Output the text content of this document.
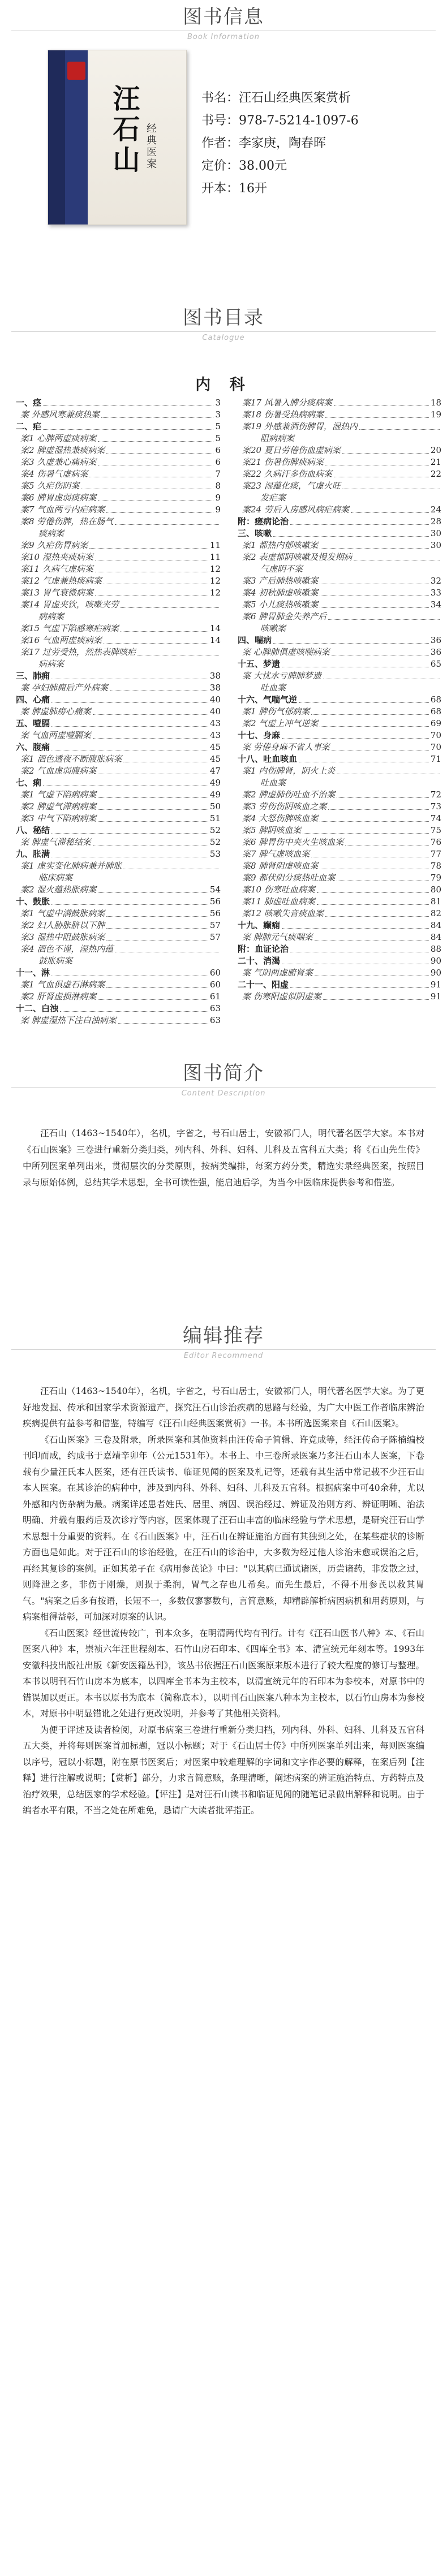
图书信息
Book Information
汪石山 经典医案
书名：汪石山经典医案赏析
书号：978-7-5214-1097-6
作者：李家庚，陶春晖
定价：38.00元
开本：16开
图书目录
Catalogue
内 科
一、痉	3
案 外感风寒兼痰热案	3
二、疟	5
案1 心脾两虚痰病案	5
案2 脾虚湿热兼痰病案	6
案3 久虚兼心痛病案	6
案4 伤暑气虚病案	7
案5 久疟伤阴案	8
案6 脾胃虚弱痰病案	9
案7 气血两亏内疟病案	9
案8 劳倦伤脾，热在肠气
痰病案
案9 久疟伤胃病案	11
案10 湿热夹痰病案	11
案11 久病气虚病案	12
案12 气虚兼热痰病案	12
案13 胃气衰微病案	12
案14 胃虚夹饮，咳嗽夹劳
病病案
案15 气虚下陷感寒疟病案	14
案16 气血两虚痰病案	14
案17 过劳受热，然热表脾咳疟
病病案
三、肺痈	38
案 孕妇肺痈后产外病案	38
四、心痛	40
案 脾虚肺痨心痛案	40
五、噎膈	43
案 气血两虚噎膈案	43
六、腹痛	45
案1 酒色透夜不断腹胀病案	45
案2 气血虚弱腹病案	47
七、痢	49
案1 气虚下陷痢病案	49
案2 脾虚气滞痢病案	50
案3 中气下陷痢病案	51
八、秘结	52
案 脾虚气滞秘结案	52
九、胀满	53
案1 虚实变化肺病兼并肺胀
临床病案
案2 湿火蕴热胀病案	54
十、鼓胀	56
案1 气虚中满鼓胀病案	56
案2 妇人胁胀脐以下肿	57
案3 湿热中阻鼓胀病案	57
案4 酒色不谨，湿热内蕴
鼓胀病案
十一、淋	60
案1 气血俱虚石淋病案	60
案2 肝肾虚损淋病案	61
十二、白浊	63
案 脾虚湿热下注白浊病案	63
案17 风暑入脾分痰病案	18
案18 伤暑受热病病案	19
案19 外感兼酒伤脾胃，湿热内
阻病病案
案20 夏日劳倦伤血虚病案	20
案21 伤暑伤脾痰病案	21
案22 久病汗多伤血病案	22
案23 湿蕴化痰，气虚火旺
发疟案
案24 劳后入房感风病疟病案	24
附：瘥病论治	28
三、咳嗽	30
案1 都热内郁咳嗽案	30
案2 表虚郁阴咳嗽及慢发期病
气虚阴不案
案3 产后肺热咳嗽案	32
案4 初秋肺虚咳嗽案	33
案5 小儿痰热咳嗽案	34
案6 脾胃肺金失养产后
咳嗽案
四、喘病	36
案 心脾肺俱虚咳喘病案	36
十五、梦遗	65
案 大忧水亏脾肺梦遗
吐血案
十六、气喘气逆	68
案1 脾伤气郁病案	68
案2 气虚上冲气逆案	69
十七、身麻	70
案 劳倦身麻不省人事案	70
十八、吐血咳血	71
案1 内伤脾肾，阴火上炎
吐血案
案2 脾虚肺伤吐血不治案	72
案3 劳伤伤阴咳血之案	73
案4 大怒伤脾咳血案	74
案5 脾阴咳血案	75
案6 脾胃伤中夹火生咳血案	76
案7 脾气虚咳血案	77
案8 肺肾阴虚咳血案	78
案9 都伏阴分痰热吐血案	79
案10 伤寒吐血病案	80
案11 肺虚吐血病案	81
案12 咳嗽失音痰血案	82
十九、癫痫	84
案 脾肺元气痰喘案	84
附：血证论治	88
二十、消渴	90
案 气阴两虚腑肾案	90
二十一、阳虚	91
案 伤寒阳虚似阴虚案	91
图书简介
Content Description
汪石山（1463~1540年），名机，字省之，号石山居士，安徽祁门人，明代著名医学大家。本书对《石山医案》三卷进行重新分类归类，列内科、外科、妇科、儿科及五官科五大类；将《石山先生传》中所列医案单列出来，贯彻层次的分类原则，按病类编排，每案方药分类，精选实录经典医案，按照目录与原始体例，总结其学术思想，全书可读性强，能启迪后学，为当今中医临床提供参考和借鉴。
编辑推荐
Editor Recommend

汪石山（1463~1540年），名机，字省之，号石山居士，安徽祁门人，明代著名医学大家。为了更好地发掘、传承和国家学术资源遗产，探究汪石山诊治疾病的思路与经验，为广大中医工作者临床辨治疾病提供有益参考和借鉴，特编写《汪石山经典医案赏析》一书。本书所选医案来自《石山医案》。

《石山医案》三卷及附录，所录医案和其他资料由汪传命子简辑、许竟成等，经汪传命子陈楠编校刊印而成，约成书于嘉靖辛卯年（公元1531年）。本书上、中三卷所录医案乃多汪石山本人医案，下卷载有少量汪氏本人医案，还有汪氏读书、临证见闻的医案及札记等，还载有其生活中常记载不少汪石山本人医案。在其诊治的病种中，涉及到内科、外科、妇科、儿科及五官科。根据病案中可40余种，尤以外感和内伤杂病为最。病案详述患者姓氏、居里、病因、误治经过、辨证及治则方药、辨证明晰、治法明确、并载有服药后及次诊疗等内容，医案体现了汪石山丰富的临床经验与学术思想，是研究汪石山学术思想十分重要的资料。在《石山医案》中，汪石山在辨证施治方面有其独到之处，在某些症状的诊断方面也是如此。对于汪石山的诊治经验，在汪石山的诊治中，大多数为经过他人诊治未愈或误治之后，再经其复诊的案例。正如其弟子在《病用参芪论》中曰："以其病已通试诸医，历尝诸药，非发散之过，则降泄之多，非伤于刚燥，则损于柔润，胃气之存也几希矣。而先生最后，不得不用参芪以救其胃气。"病案之后多有按语，长短不一，多数仅寥寥数句，言简意赅，却精辟解析病因病机和用药原则，与病案相得益彰，可加深对原案的认识。

《石山医案》经世流传较广，刊本众多，在明清两代均有刊行。计有《汪石山医书八种》本、《石山医案八种》本，崇祯六年汪世程刻本、石竹山房石印本、《四库全书》本、清宣统元年刻本等。1993年安徽科技出版社出版《新安医籍丛刊》，该丛书依据汪石山医案原来版本进行了较大程度的修订与整理。本书以明刊石竹山房本为底本，以四库全书本为主校本，以清宣统元年的石印本为参校本，对原书中的错误加以更正。本书以原书为底本（简称底本），以明刊石山医案八种本为主校本，以石竹山房本为参校本，对原书中明显错讹之处进行更改说明，并参考了其他相关资料。

为便于评述及读者检阅，对原书病案三卷进行重新分类归档，列内科、外科、妇科、儿科及五官科五大类，并将每则医案首加标题，冠以小标题；对于《石山居士传》中所列医案单列出来，每则医案编以序号，冠以小标题，附在原书医案后；对医案中较难理解的字词和文字作必要的解释，在案后列【注释】进行注解或说明；【赏析】部分，力求言简意赅，条理清晰，阐述病案的辨证施治特点、方药特点及治疗效果，总结医家的学术经验。【评注】是对汪石山读书和临证见闻的随笔记录做出解释和说明。由于编者水平有限，不当之处在所难免，恳请广大读者批评指正。
